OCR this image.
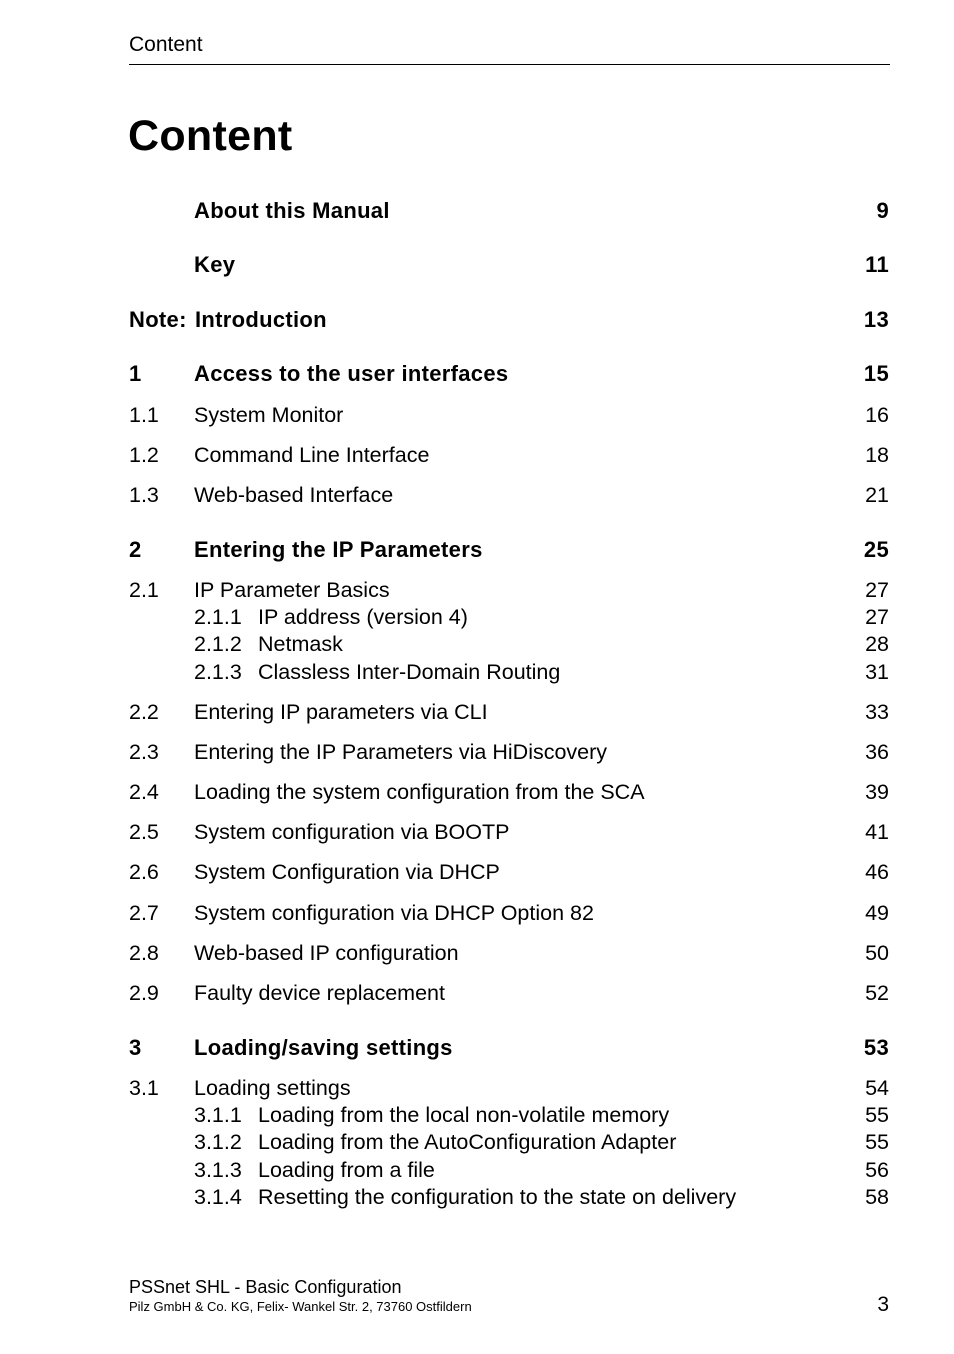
Content
Content
About this Manual	9
Key	11
Note: Introduction	13
1 Access to the user interfaces	15
1.1 System Monitor	16
1.2 Command Line Interface	18
1.3 Web-based Interface	21
2 Entering the IP Parameters	25
2.1 IP Parameter Basics	27
2.1.1 IP address (version 4)	27
2.1.2 Netmask	28
2.1.3 Classless Inter-Domain Routing	31
2.2 Entering IP parameters via CLI	33
2.3 Entering the IP Parameters via HiDiscovery	36
2.4 Loading the system configuration from the SCA	39
2.5 System configuration via BOOTP	41
2.6 System Configuration via DHCP	46
2.7 System configuration via DHCP Option 82	49
2.8 Web-based IP configuration	50
2.9 Faulty device replacement	52
3 Loading/saving settings	53
3.1 Loading settings	54
3.1.1 Loading from the local non-volatile memory	55
3.1.2 Loading from the AutoConfiguration Adapter	55
3.1.3 Loading from a file	56
3.1.4 Resetting the configuration to the state on delivery	58
PSSnet SHL - Basic Configuration
Pilz GmbH & Co. KG, Felix- Wankel Str. 2, 73760 Ostfildern	3
